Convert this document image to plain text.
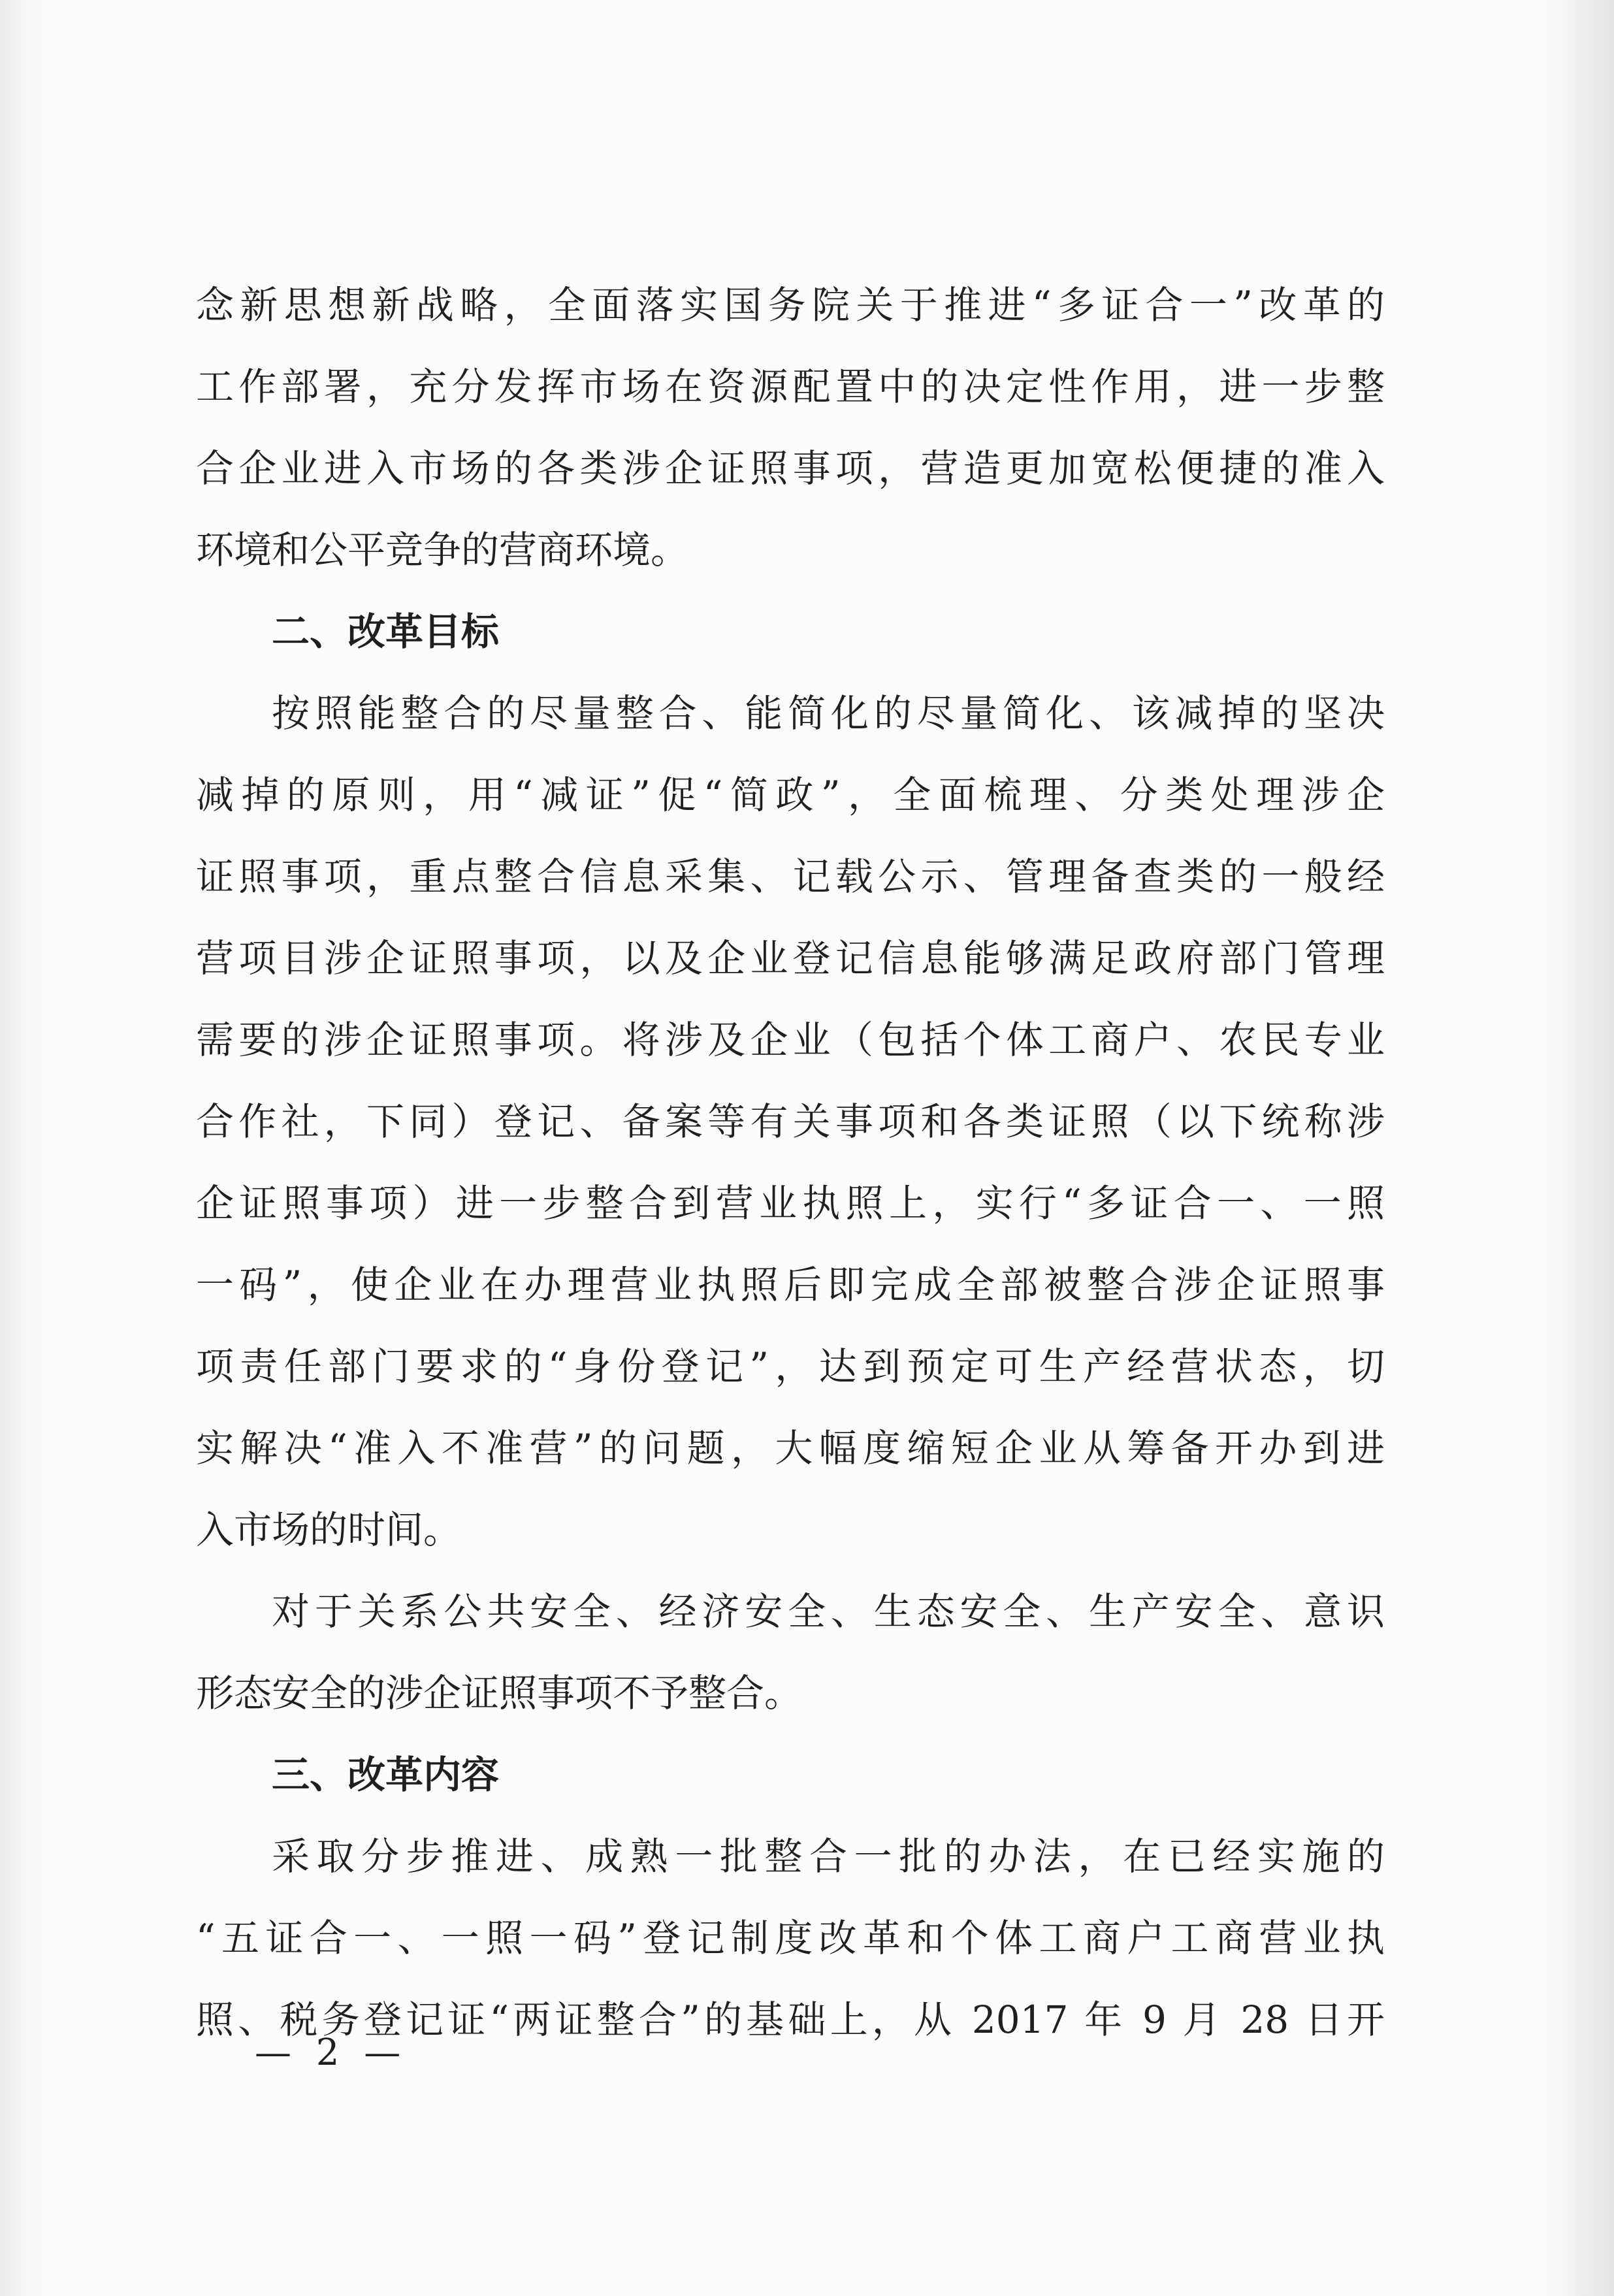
念新思想新战略，全面落实国务院关于推进“多证合一”改革的
工作部署，充分发挥市场在资源配置中的决定性作用，进一步整
合企业进入市场的各类涉企证照事项，营造更加宽松便捷的准入
环境和公平竞争的营商环境。
二、改革目标
按照能整合的尽量整合、能简化的尽量简化、该减掉的坚决
减掉的原则，用“减证”促“简政”，全面梳理、分类处理涉企
证照事项，重点整合信息采集、记载公示、管理备查类的一般经
营项目涉企证照事项，以及企业登记信息能够满足政府部门管理
需要的涉企证照事项。将涉及企业（包括个体工商户、农民专业
合作社，下同）登记、备案等有关事项和各类证照（以下统称涉
企证照事项）进一步整合到营业执照上，实行“多证合一、一照
一码”，使企业在办理营业执照后即完成全部被整合涉企证照事
项责任部门要求的“身份登记”，达到预定可生产经营状态，切
实解决“准入不准营”的问题，大幅度缩短企业从筹备开办到进
入市场的时间。
对于关系公共安全、经济安全、生态安全、生产安全、意识
形态安全的涉企证照事项不予整合。
三、改革内容
采取分步推进、成熟一批整合一批的办法，在已经实施的
“五证合一、一照一码”登记制度改革和个体工商户工商营业执
照、税务登记证“两证整合”的基础上，从 2017 年 9 月 28 日开
— 2 —
